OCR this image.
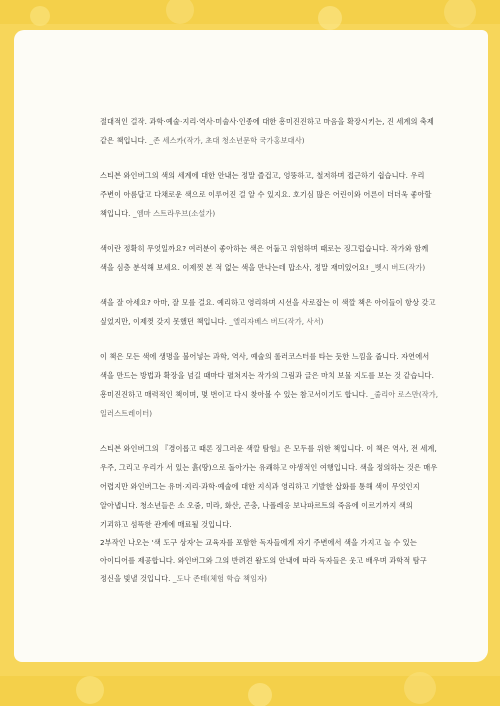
절대적인 걸작. 과학·예술·지리·역사·미술사·인종에 대한 흥미진진하고 마음을 확장시키는, 진 세계의 축제 같은 책입니다. _존 세스카(작가, 초대 청소년문학 국가홍보대사)

스티븐 와인버그의 색의 세계에 대한 안내는 정말 즐겁고, 엉뚱하고, 철저하며 접근하기 쉽습니다. 우리 주변이 아름답고 다채로운 색으로 이루어진 걸 알 수 있지요. 호기심 많은 어린이와 어른이 더더욱 좋아할 책입니다. _엠마 스트라우브(소설가)

색이란 정확히 무엇일까요? 여러분이 좋아하는 색은 어둡고 위험하며 때로는 징그럽습니다. 작가와 함께 색을 심층 분석해 보세요. 이제껏 본 적 없는 색을 만나는데 맙소사, 정말 재미있어요! _벳시 버드(작가)

색을 잘 아세요? 아마, 잘 모를 걸요. 예리하고 영리하며 시선을 사로잡는 이 색깔 책은 아이들이 항상 갖고 싶었지만, 이제껏 갖지 못했던 책입니다. _엘리자베스 버드(작가, 사서)

이 책은 모든 색에 생명을 불어넣는 과학, 역사, 예술의 롤러코스터를 타는 듯한 느낌을 줍니다. 자연에서 색을 만드는 방법과 확장을 넘길 때마다 펼쳐지는 작가의 그림과 글은 마치 보물 지도를 보는 것 같습니다. 흥미진진하고 매력적인 책이며, 몇 번이고 다시 찾아볼 수 있는 참고서이기도 합니다. _줄리아 로스만(작가, 일러스트레이터)

스티븐 와인버그의 『경이롭고 때론 징그러운 색깔 탐험』은 모두를 위한 책입니다. 이 책은 역사, 전 세계, 우주, 그리고 우리가 서 있는 흙(땅)으로 돌아가는 유쾌하고 야생적인 여행입니다. 색을 정의하는 것은 매우 어렵지만 와인버그는 유머·지리·과학·예술에 대한 지식과 영리하고 기발한 삽화를 통해 색이 무엇인지 알아냅니다. 청소년들은 소 오줌, 미라, 화산, 곤충, 나폴레옹 보나파르트의 죽음에 이르기까지 색의 기괴하고 섬뜩한 관계에 매료될 것입니다.

2부작인 나오는 '색 도구 상자'는 교육자를 포함한 독자들에게 자기 주변에서 색을 가지고 놀 수 있는 아이디어를 제공합니다. 와인버그와 그의 반려견 왈도의 안내에 따라 독자들은 웃고 배우며 과학적 탐구 정신을 빛낼 것입니다. _도나 존테(체험 학습 책임자)
